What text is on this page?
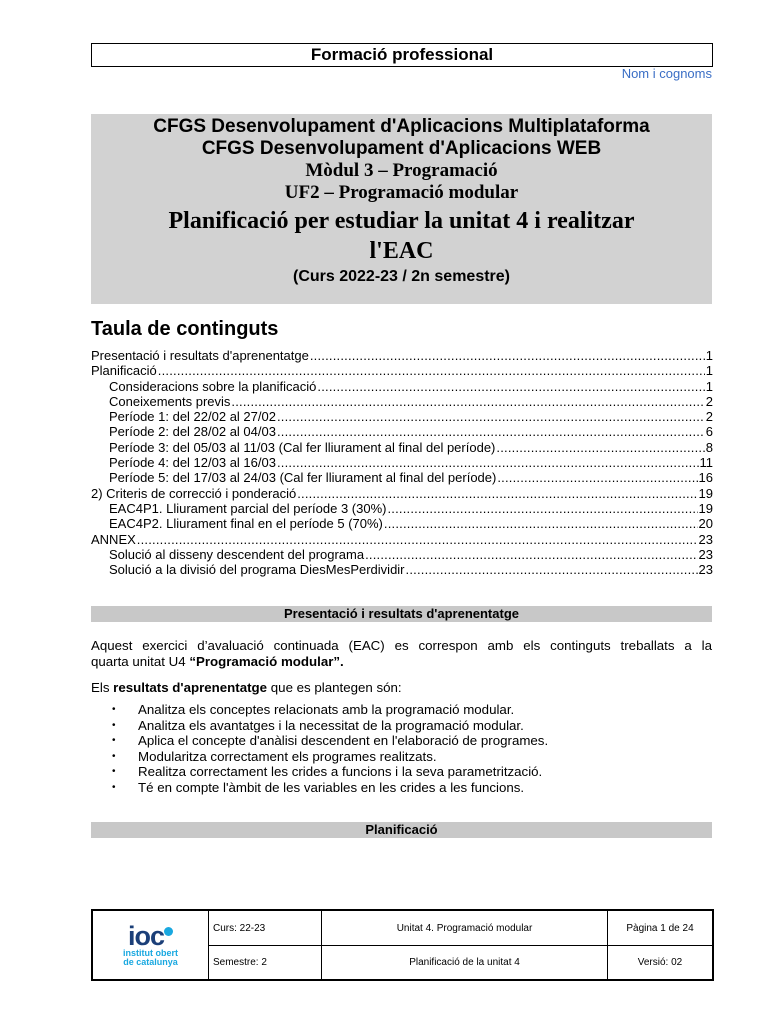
Formació professional
Nom i cognoms
CFGS Desenvolupament d'Aplicacions Multiplataforma
CFGS Desenvolupament d'Aplicacions WEB
Mòdul 3 – Programació
UF2 – Programació modular
Planificació per estudiar la unitat 4 i realitzar
l'EAC
(Curs 2022-23 / 2n semestre)
Taula de continguts
Presentació i resultats d'aprenentatge .....	1
Planificació .....	1
Consideracions sobre la planificació .....	1
Coneixements previs .....	2
Període 1: del 22/02 al 27/02 .....	2
Període 2: del 28/02 al 04/03 .....	6
Període 3: del 05/03 al 11/03 (Cal fer lliurament al final del període) .....	8
Període 4: del 12/03 al 16/03 .....	11
Període 5: del 17/03 al 24/03 (Cal fer lliurament al final del període) .....	16
2) Criteris de correcció i ponderació .....	19
EAC4P1. Lliurament parcial del període 3 (30%) .....	19
EAC4P2. Lliurament final en el període 5 (70%) .....	20
ANNEX .....	23
Solució al disseny descendent del programa .....	23
Solució a la divisió del programa DiesMesPerdividir .....	23
Presentació i resultats d'aprenentatge
Aquest exercici d’avaluació continuada (EAC) es correspon amb els continguts treballats a la
quarta unitat U4 “Programació modular”.
Els resultats d'aprenentatge que es plantegen són:
• Analitza els conceptes relacionats amb la programació modular.
• Analitza els avantatges i la necessitat de la programació modular.
• Aplica el concepte d'anàlisi descendent en l'elaboració de programes.
• Modularitza correctament els programes realitzats.
• Realitza correctament les crides a funcions i la seva parametrització.
• Té en compte l'àmbit de les variables en les crides a les funcions.
Planificació
ioc
institut obert
de catalunya	Curs: 22-23	Unitat 4. Programació modular	Pàgina 1 de 24
	Semestre: 2	Planificació de la unitat 4	Versió: 02
